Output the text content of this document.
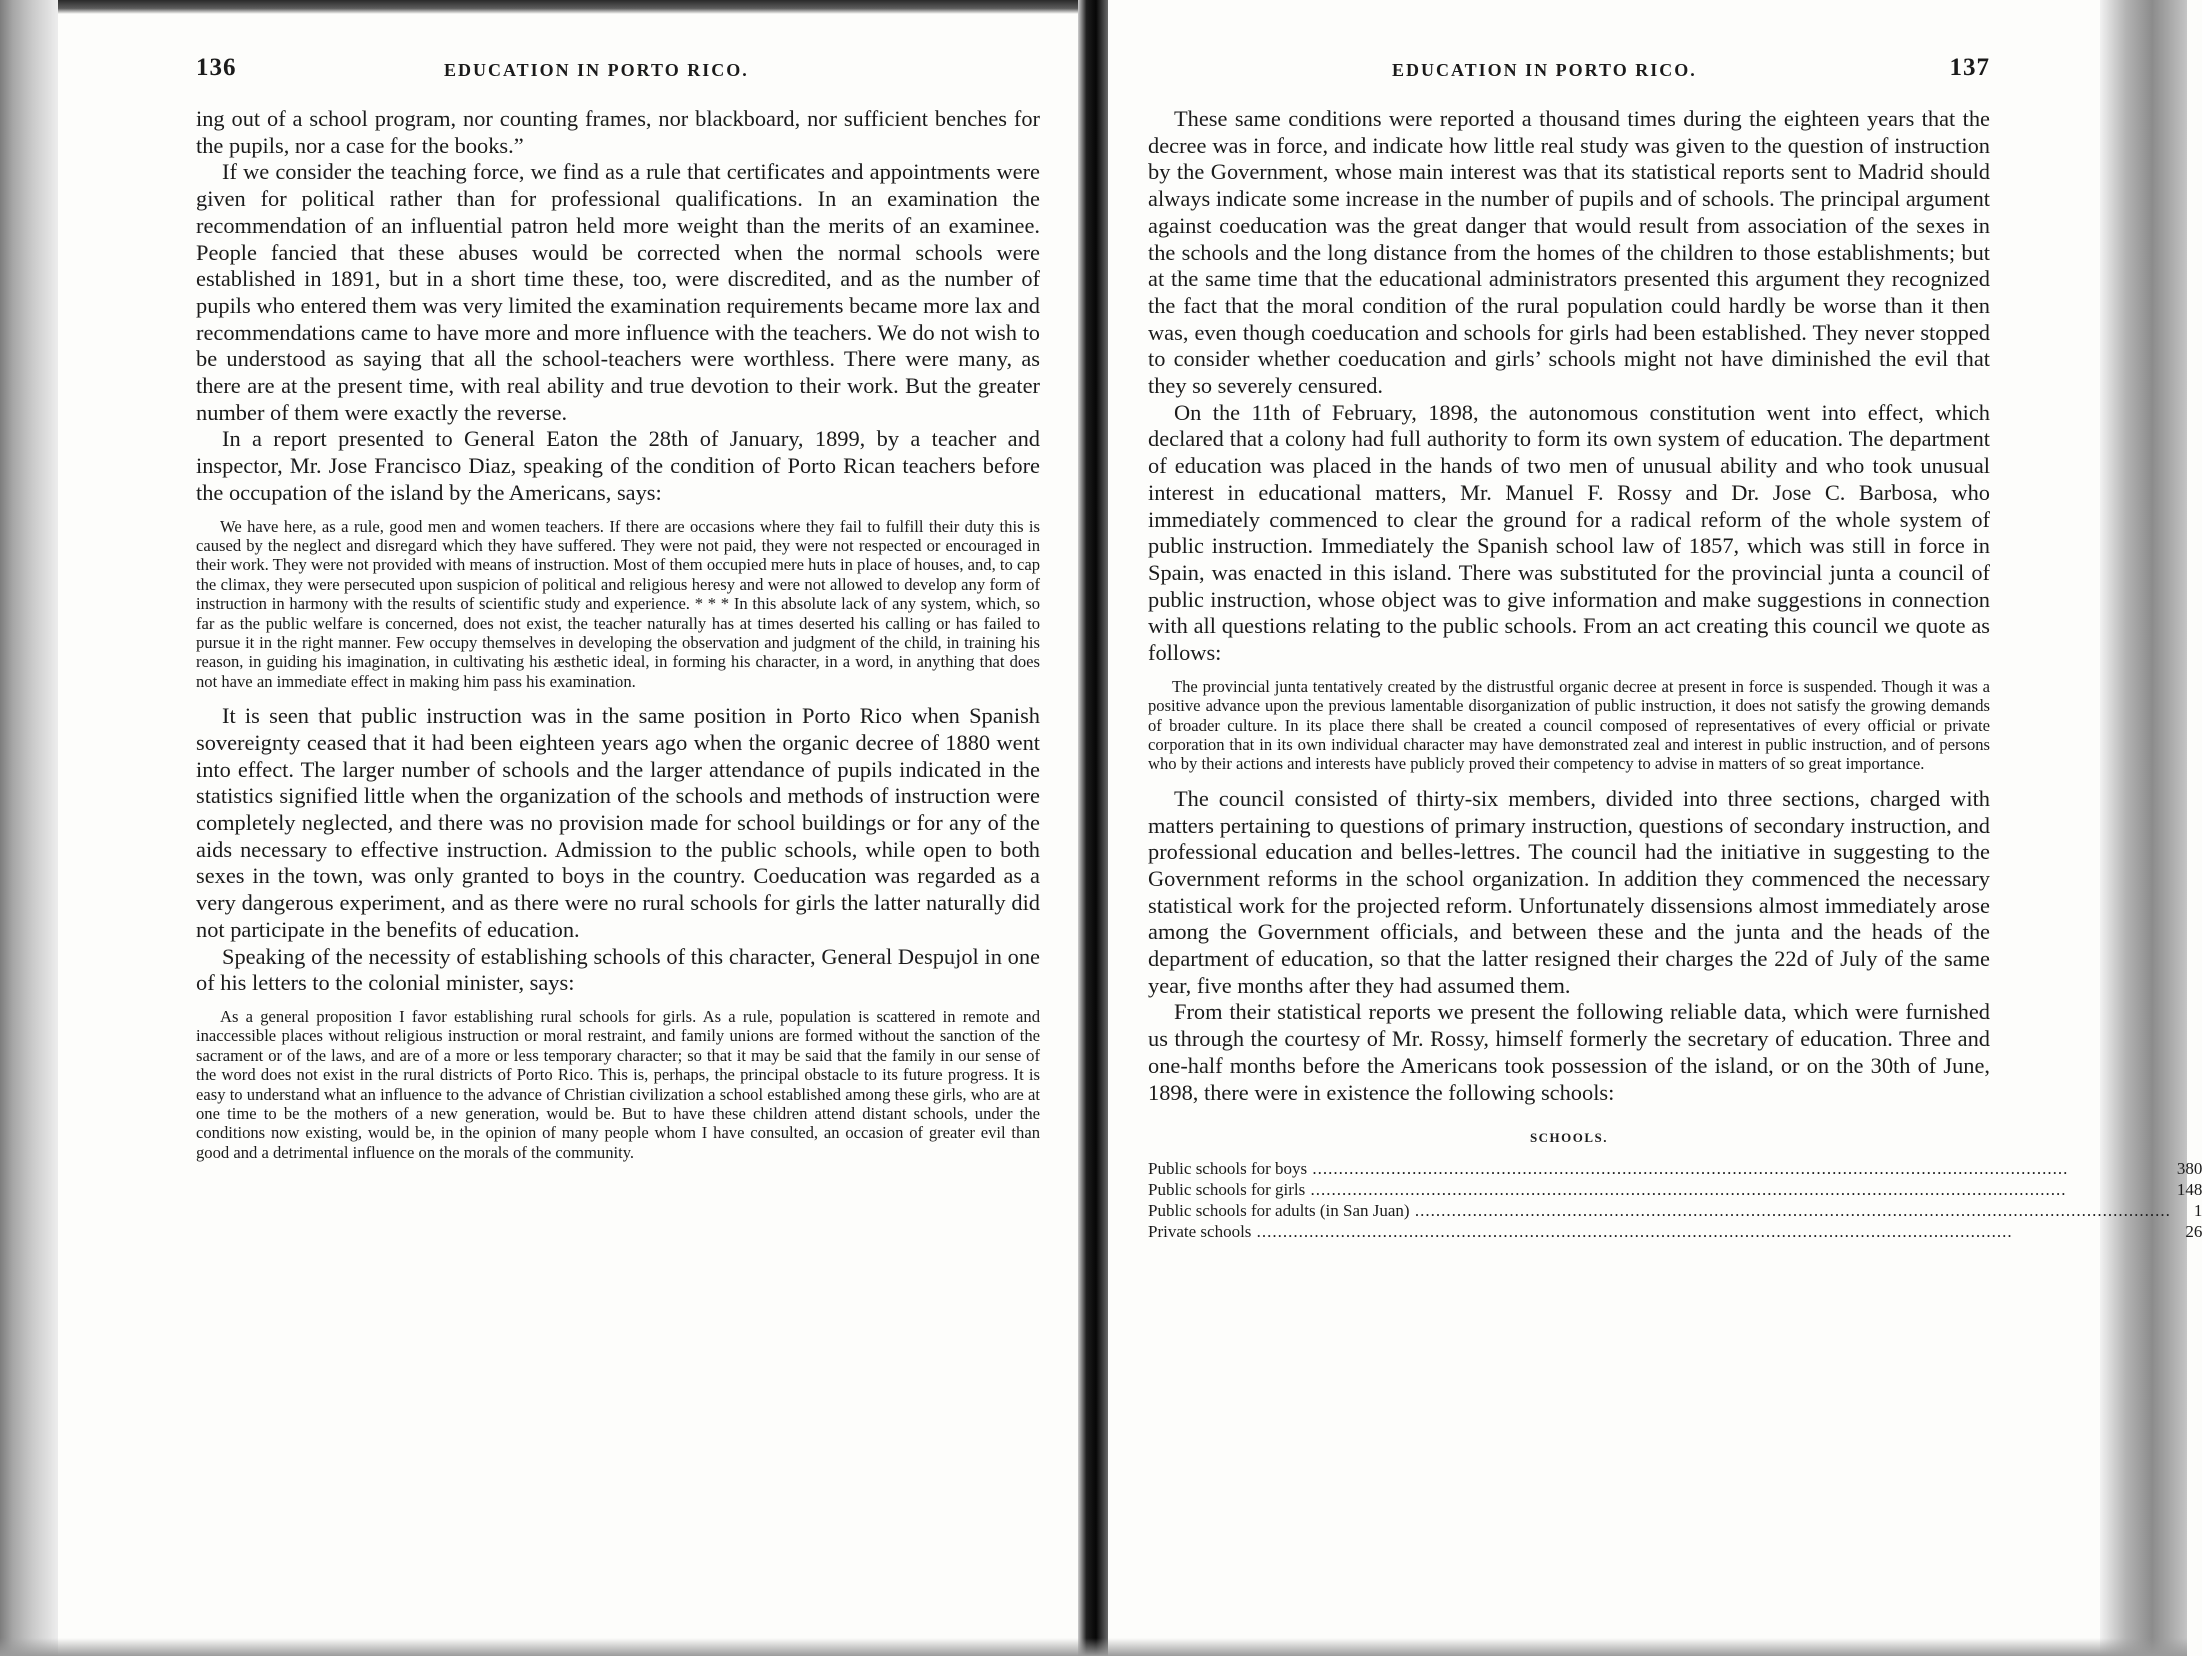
136	EDUCATION IN PORTO RICO.

ing out of a school program, nor counting frames, nor blackboard, nor sufficient benches for the pupils, nor a case for the books.”

If we consider the teaching force, we find as a rule that certificates and appointments were given for political rather than for professional qualifications. In an examination the recommendation of an influential patron held more weight than the merits of an examinee. People fancied that these abuses would be corrected when the normal schools were established in 1891, but in a short time these, too, were discredited, and as the number of pupils who entered them was very limited the examination requirements became more lax and recommendations came to have more and more influence with the teachers. We do not wish to be understood as saying that all the school-teachers were worthless. There were many, as there are at the present time, with real ability and true devotion to their work. But the greater number of them were exactly the reverse.

In a report presented to General Eaton the 28th of January, 1899, by a teacher and inspector, Mr. Jose Francisco Diaz, speaking of the condition of Porto Rican teachers before the occupation of the island by the Americans, says:

We have here, as a rule, good men and women teachers. If there are occasions where they fail to fulfill their duty this is caused by the neglect and disregard which they have suffered. They were not paid, they were not respected or encouraged in their work. They were not provided with means of instruction. Most of them occupied mere huts in place of houses, and, to cap the climax, they were persecuted upon suspicion of political and religious heresy and were not allowed to develop any form of instruction in harmony with the results of scientific study and experience. * * * In this absolute lack of any system, which, so far as the public welfare is concerned, does not exist, the teacher naturally has at times deserted his calling or has failed to pursue it in the right manner. Few occupy themselves in developing the observation and judgment of the child, in training his reason, in guiding his imagination, in cultivating his æsthetic ideal, in forming his character, in a word, in anything that does not have an immediate effect in making him pass his examination.

It is seen that public instruction was in the same position in Porto Rico when Spanish sovereignty ceased that it had been eighteen years ago when the organic decree of 1880 went into effect. The larger number of schools and the larger attendance of pupils indicated in the statistics signified little when the organization of the schools and methods of instruction were completely neglected, and there was no provision made for school buildings or for any of the aids necessary to effective instruction. Admission to the public schools, while open to both sexes in the town, was only granted to boys in the country. Coeducation was regarded as a very dangerous experiment, and as there were no rural schools for girls the latter naturally did not participate in the benefits of education.

Speaking of the necessity of establishing schools of this character, General Despujol in one of his letters to the colonial minister, says:

As a general proposition I favor establishing rural schools for girls. As a rule, population is scattered in remote and inaccessible places without religious instruction or moral restraint, and family unions are formed without the sanction of the sacrament or of the laws, and are of a more or less temporary character; so that it may be said that the family in our sense of the word does not exist in the rural districts of Porto Rico. This is, perhaps, the principal obstacle to its future progress. It is easy to understand what an influence to the advance of Christian civilization a school established among these girls, who are at one time to be the mothers of a new generation, would be. But to have these children attend distant schools, under the conditions now existing, would be, in the opinion of many people whom I have consulted, an occasion of greater evil than good and a detrimental influence on the morals of the community.

EDUCATION IN PORTO RICO.	137

These same conditions were reported a thousand times during the eighteen years that the decree was in force, and indicate how little real study was given to the question of instruction by the Government, whose main interest was that its statistical reports sent to Madrid should always indicate some increase in the number of pupils and of schools. The principal argument against coeducation was the great danger that would result from association of the sexes in the schools and the long distance from the homes of the children to those establishments; but at the same time that the educational administrators presented this argument they recognized the fact that the moral condition of the rural population could hardly be worse than it then was, even though coeducation and schools for girls had been established. They never stopped to consider whether coeducation and girls’ schools might not have diminished the evil that they so severely censured.

On the 11th of February, 1898, the autonomous constitution went into effect, which declared that a colony had full authority to form its own system of education. The department of education was placed in the hands of two men of unusual ability and who took unusual interest in educational matters, Mr. Manuel F. Rossy and Dr. Jose C. Barbosa, who immediately commenced to clear the ground for a radical reform of the whole system of public instruction. Immediately the Spanish school law of 1857, which was still in force in Spain, was enacted in this island. There was substituted for the provincial junta a council of public instruction, whose object was to give information and make suggestions in connection with all questions relating to the public schools. From an act creating this council we quote as follows:

The provincial junta tentatively created by the distrustful organic decree at present in force is suspended. Though it was a positive advance upon the previous lamentable disorganization of public instruction, it does not satisfy the growing demands of broader culture. In its place there shall be created a council composed of representatives of every official or private corporation that in its own individual character may have demonstrated zeal and interest in public instruction, and of persons who by their actions and interests have publicly proved their competency to advise in matters of so great importance.

The council consisted of thirty-six members, divided into three sections, charged with matters pertaining to questions of primary instruction, questions of secondary instruction, and professional education and belles-lettres. The council had the initiative in suggesting to the Government reforms in the school organization. In addition they commenced the necessary statistical work for the projected reform. Unfortunately dissensions almost immediately arose among the Government officials, and between these and the junta and the heads of the department of education, so that the latter resigned their charges the 22d of July of the same year, five months after they had assumed them.

From their statistical reports we present the following reliable data, which were furnished us through the courtesy of Mr. Rossy, himself formerly the secretary of education. Three and one-half months before the Americans took possession of the island, or on the 30th of June, 1898, there were in existence the following schools:

SCHOOLS.
Public schools for boys .....	380
Public schools for girls .....	148
Public schools for adults (in San Juan) .....	1
Private schools .....	26
